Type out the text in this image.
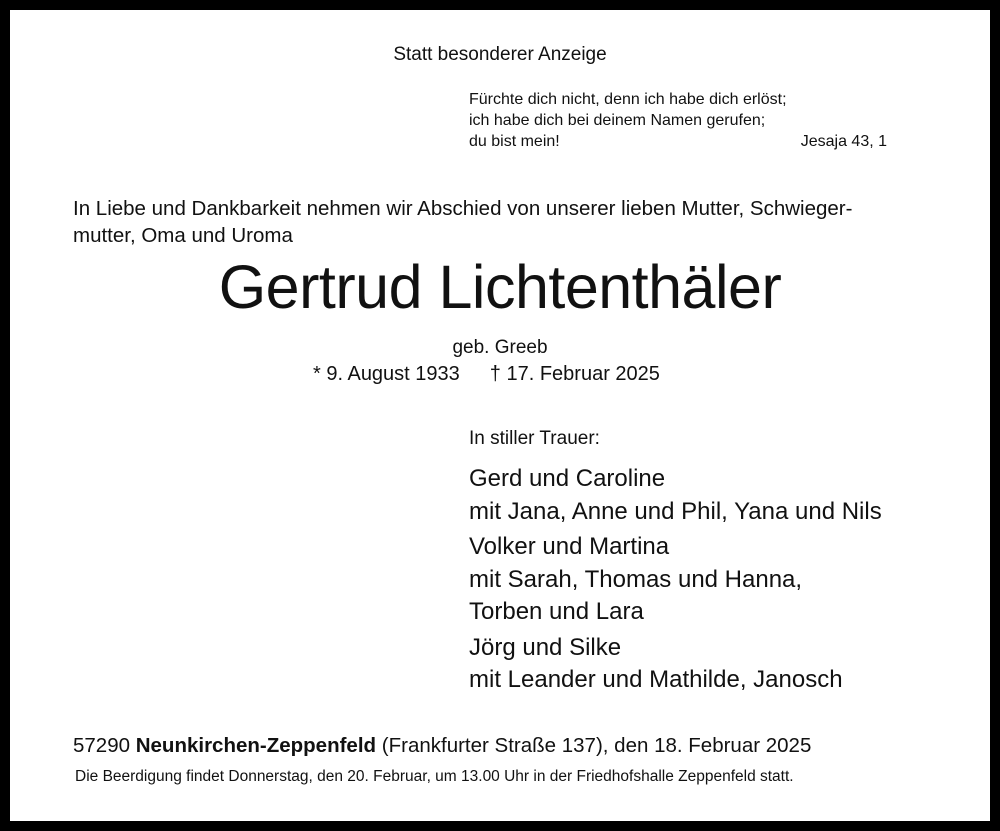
Statt besonderer Anzeige
Fürchte dich nicht, denn ich habe dich erlöst;
ich habe dich bei deinem Namen gerufen;
du bist mein!	Jesaja 43, 1
In Liebe und Dankbarkeit nehmen wir Abschied von unserer lieben Mutter, Schwieger-
mutter, Oma und Uroma
Gertrud Lichtenthäler
geb. Greeb
* 9. August 1933 † 17. Februar 2025
In stiller Trauer:
Gerd und Caroline
mit Jana, Anne und Phil, Yana und Nils
Volker und Martina
mit Sarah, Thomas und Hanna,
Torben und Lara
Jörg und Silke
mit Leander und Mathilde, Janosch
57290 Neunkirchen-Zeppenfeld (Frankfurter Straße 137), den 18. Februar 2025
Die Beerdigung findet Donnerstag, den 20. Februar, um 13.00 Uhr in der Friedhofshalle Zeppenfeld statt.
